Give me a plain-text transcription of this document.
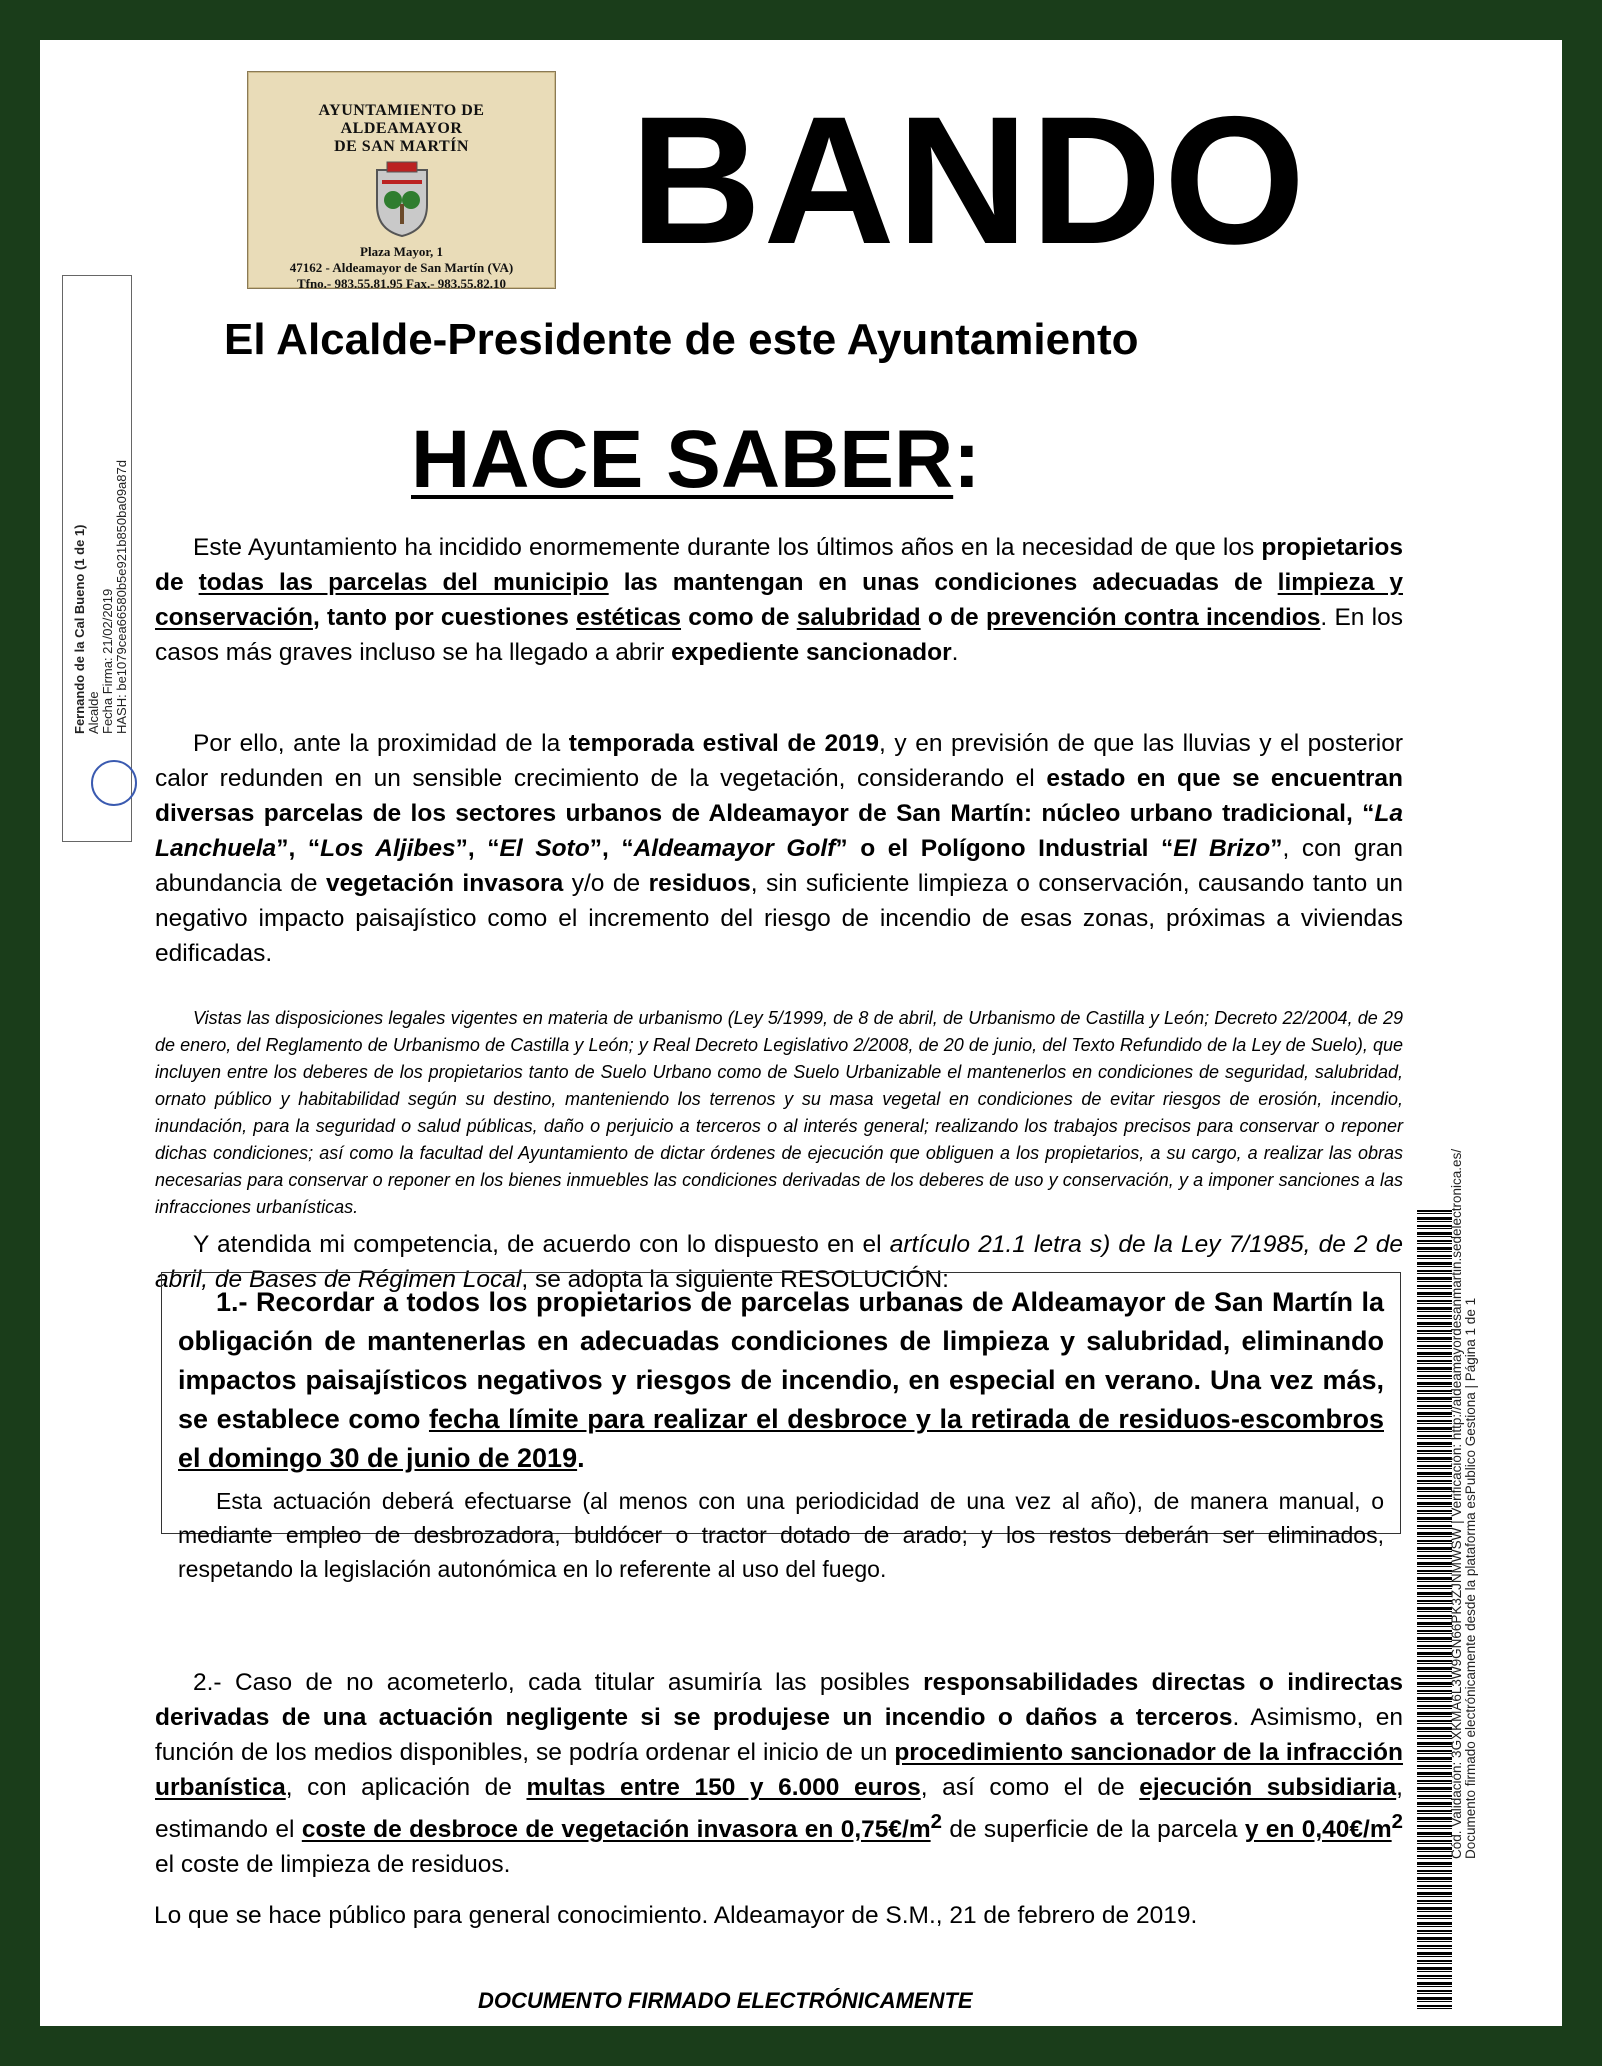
AYUNTAMIENTO DE
ALDEAMAYOR
DE SAN MARTÍN
Plaza Mayor, 1
47162 - Aldeamayor de San Martín (VA)
Tfno.- 983.55.81.95 Fax.- 983.55.82.10
BANDO
El Alcalde-Presidente de este Ayuntamiento
HACE SABER:
Fernando de la Cal Bueno (1 de 1) Alcalde Fecha Firma: 21/02/2019 HASH: be1079cea66580b5e921b850ba09a87d	Este Ayuntamiento ha incidido enormemente durante los últimos años en la necesidad de que los propietarios de todas las parcelas del municipio las mantengan en unas condiciones adecuadas de limpieza y conservación, tanto por cuestiones estéticas como de salubridad o de prevención contra incendios. En los casos más graves incluso se ha llegado a abrir expediente sancionador.

Por ello, ante la proximidad de la temporada estival de 2019, y en previsión de que las lluvias y el posterior calor redunden en un sensible crecimiento de la vegetación, considerando el estado en que se encuentran diversas parcelas de los sectores urbanos de Aldeamayor de San Martín: núcleo urbano tradicional, “La Lanchuela”, “Los Aljibes”, “El Soto”, “Aldeamayor Golf” o el Polígono Industrial “El Brizo”, con gran abundancia de vegetación invasora y/o de residuos, sin suficiente limpieza o conservación, causando tanto un negativo impacto paisajístico como el incremento del riesgo de incendio de esas zonas, próximas a viviendas edificadas.

Vistas las disposiciones legales vigentes en materia de urbanismo (Ley 5/1999, de 8 de abril, de Urbanismo de Castilla y León; Decreto 22/2004, de 29 de enero, del Reglamento de Urbanismo de Castilla y León; y Real Decreto Legislativo 2/2008, de 20 de junio, del Texto Refundido de la Ley de Suelo), que incluyen entre los deberes de los propietarios tanto de Suelo Urbano como de Suelo Urbanizable el mantenerlos en condiciones de seguridad, salubridad, ornato público y habitabilidad según su destino, manteniendo los terrenos y su masa vegetal en condiciones de evitar riesgos de erosión, incendio, inundación, para la seguridad o salud públicas, daño o perjuicio a terceros o al interés general; realizando los trabajos precisos para conservar o reponer dichas condiciones; así como la facultad del Ayuntamiento de dictar órdenes de ejecución que obliguen a los propietarios, a su cargo, a realizar las obras necesarias para conservar o reponer en los bienes inmuebles las condiciones derivadas de los deberes de uso y conservación, y a imponer sanciones a las infracciones urbanísticas.

Y atendida mi competencia, de acuerdo con lo dispuesto en el artículo 21.1 letra s) de la Ley 7/1985, de 2 de abril, de Bases de Régimen Local, se adopta la siguiente RESOLUCIÓN:

1.- Recordar a todos los propietarios de parcelas urbanas de Aldeamayor de San Martín la obligación de mantenerlas en adecuadas condiciones de limpieza y salubridad, eliminando impactos paisajísticos negativos y riesgos de incendio, en especial en verano. Una vez más, se establece como fecha límite para realizar el desbroce y la retirada de residuos-escombros el domingo 30 de junio de 2019.
Esta actuación deberá efectuarse (al menos con una periodicidad de una vez al año), de manera manual, o mediante empleo de desbrozadora, buldócer o tractor dotado de arado; y los restos deberán ser eliminados, respetando la legislación autonómica en lo referente al uso del fuego.

2.- Caso de no acometerlo, cada titular asumiría las posibles responsabilidades directas o indirectas derivadas de una actuación negligente si se produjese un incendio o daños a terceros. Asimismo, en función de los medios disponibles, se podría ordenar el inicio de un procedimiento sancionador de la infracción urbanística, con aplicación de multas entre 150 y 6.000 euros, así como el de ejecución subsidiaria, estimando el coste de desbroce de vegetación invasora en $0,75€/m^2$ de superficie de la parcela y en $0,40€/m^2$ el coste de limpieza de residuos.

Lo que se hace público para general conocimiento. Aldeamayor de S.M., 21 de febrero de 2019.
DOCUMENTO FIRMADO ELECTRÓNICAMENTE
Cód. Validación: 3GXKMA6L3W9GN66PK3ZJNMWSW | Verificación: http://aldeamayordesanmartin.sedelectronica.es/ Documento firmado electrónicamente desde la plataforma esPublico Gestiona | Página 1 de 1
